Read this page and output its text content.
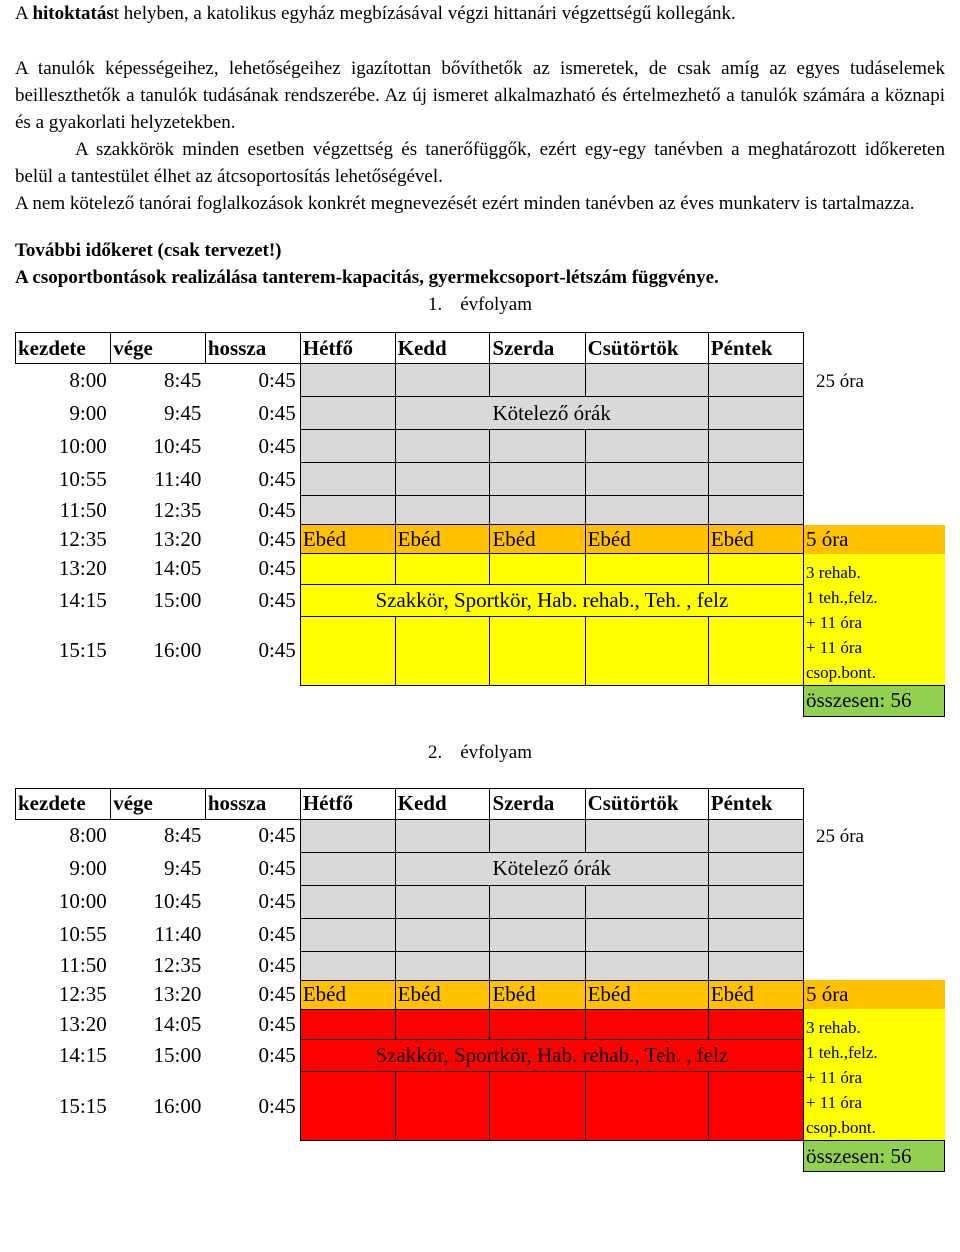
A hitoktatást helyben, a katolikus egyház megbízásával végzi hittanári végzettségű kollegánk.

A tanulók képességeihez, lehetőségeihez igazítottan bővíthetők az ismeretek, de csak amíg az egyes tudáselemek beilleszthetők a tanulók tudásának rendszerébe. Az új ismeret alkalmazható és értelmezhető a tanulók számára a köznapi és a gyakorlati helyzetekben.

A szakkörök minden esetben végzettség és tanerőfüggők, ezért egy-egy tanévben a meghatározott időkereten belül a tantestület élhet az átcsoportosítás lehetőségével.

A nem kötelező tanórai foglalkozások konkrét megnevezését ezért minden tanévben az éves munkaterv is tartalmazza.

További időkeret (csak tervezet!)

A csoportbontások realizálása tanterem-kapacitás, gyermekcsoport-létszám függvénye.

1. évfolyam
kezdete	vége	hossza	Hétfő	Kedd	Szerda	Csütörtök	Péntek	
8:00	8:45	0:45						25 óra
9:00	9:45	0:45		Kötelező órák				
10:00	10:45	0:45						
10:55	11:40	0:45						
11:50	12:35	0:45						
12:35	13:20	0:45	Ebéd	Ebéd	Ebéd	Ebéd	Ebéd	5 óra
13:20	14:05	0:45						3 rehab.
1 teh.,felz.
+ 11 óra
+ 11 óra
csop.bont.

14:15	15:00	0:45	Szakkör, Sportkör, Hab. rehab., Teh. , felz					
15:15	16:00	0:45						
								összesen: 56
2. évfolyam
kezdete	vége	hossza	Hétfő	Kedd	Szerda	Csütörtök	Péntek	
8:00	8:45	0:45						25 óra
9:00	9:45	0:45		Kötelező órák				
10:00	10:45	0:45						
10:55	11:40	0:45						
11:50	12:35	0:45						
12:35	13:20	0:45	Ebéd	Ebéd	Ebéd	Ebéd	Ebéd	5 óra
13:20	14:05	0:45						3 rehab.
1 teh.,felz.
+ 11 óra
+ 11 óra
csop.bont.

14:15	15:00	0:45	Szakkör, Sportkör, Hab. rehab., Teh. , felz					
15:15	16:00	0:45						
								összesen: 56
